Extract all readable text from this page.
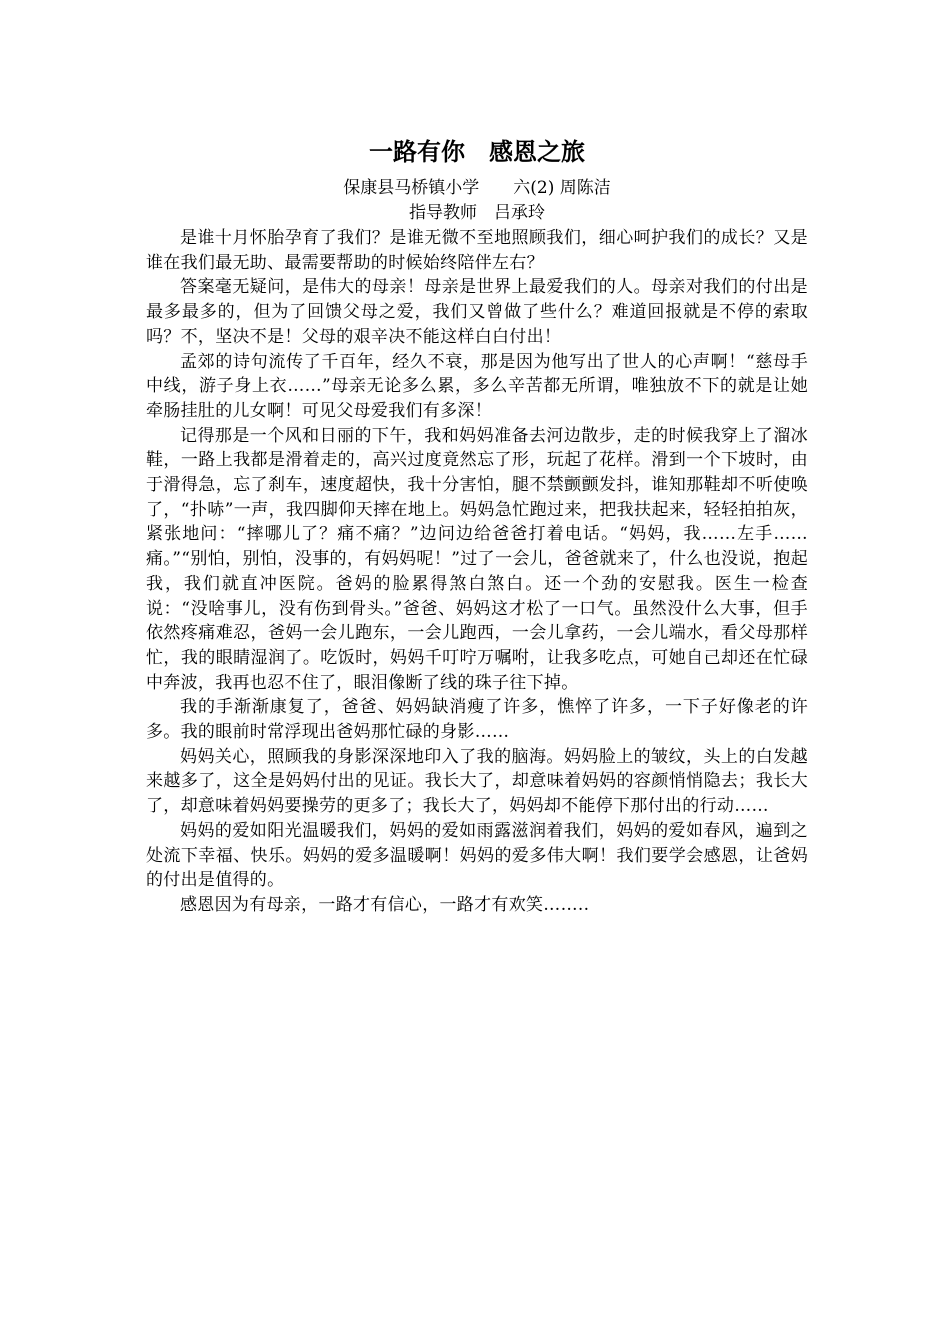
一路有你　感恩之旅
保康县马桥镇小学　　六(2) 周陈洁
指导教师　吕承玲

是谁十月怀胎孕育了我们？是谁无微不至地照顾我们，细心呵护我们的成长？又是谁在我们最无助、最需要帮助的时候始终陪伴左右？

答案毫无疑问，是伟大的母亲！母亲是世界上最爱我们的人。母亲对我们的付出是最多最多的，但为了回馈父母之爱，我们又曾做了些什么？难道回报就是不停的索取吗？不，坚决不是！父母的艰辛决不能这样白白付出！

孟郊的诗句流传了千百年，经久不衰，那是因为他写出了世人的心声啊！“慈母手中线，游子身上衣……”母亲无论多么累，多么辛苦都无所谓，唯独放不下的就是让她牵肠挂肚的儿女啊！可见父母爱我们有多深！

记得那是一个风和日丽的下午，我和妈妈准备去河边散步，走的时候我穿上了溜冰鞋，一路上我都是滑着走的，高兴过度竟然忘了形，玩起了花样。滑到一个下坡时，由于滑得急，忘了刹车，速度超快，我十分害怕，腿不禁颤颤发抖，谁知那鞋却不听使唤了，“扑哧”一声，我四脚仰天摔在地上。妈妈急忙跑过来，把我扶起来，轻轻拍拍灰，紧张地问：“摔哪儿了？痛不痛？”边问边给爸爸打着电话。“妈妈，我……左手……痛。”“别怕，别怕，没事的，有妈妈呢！”过了一会儿，爸爸就来了，什么也没说，抱起我，我们就直冲医院。爸妈的脸累得煞白煞白。还一个劲的安慰我。医生一检查说：“没啥事儿，没有伤到骨头。”爸爸、妈妈这才松了一口气。虽然没什么大事，但手依然疼痛难忍，爸妈一会儿跑东，一会儿跑西，一会儿拿药，一会儿端水，看父母那样忙，我的眼睛湿润了。吃饭时，妈妈千叮咛万嘱咐，让我多吃点，可她自己却还在忙碌中奔波，我再也忍不住了，眼泪像断了线的珠子往下掉。

我的手渐渐康复了，爸爸、妈妈缺消瘦了许多，憔悴了许多，一下子好像老的许多。我的眼前时常浮现出爸妈那忙碌的身影……

妈妈关心，照顾我的身影深深地印入了我的脑海。妈妈脸上的皱纹，头上的白发越来越多了，这全是妈妈付出的见证。我长大了，却意味着妈妈的容颜悄悄隐去；我长大了，却意味着妈妈要操劳的更多了；我长大了，妈妈却不能停下那付出的行动……

妈妈的爱如阳光温暖我们，妈妈的爱如雨露滋润着我们，妈妈的爱如春风，遍到之处流下幸福、快乐。妈妈的爱多温暖啊！妈妈的爱多伟大啊！我们要学会感恩，让爸妈的付出是值得的。

感恩因为有母亲，一路才有信心，一路才有欢笑……..
